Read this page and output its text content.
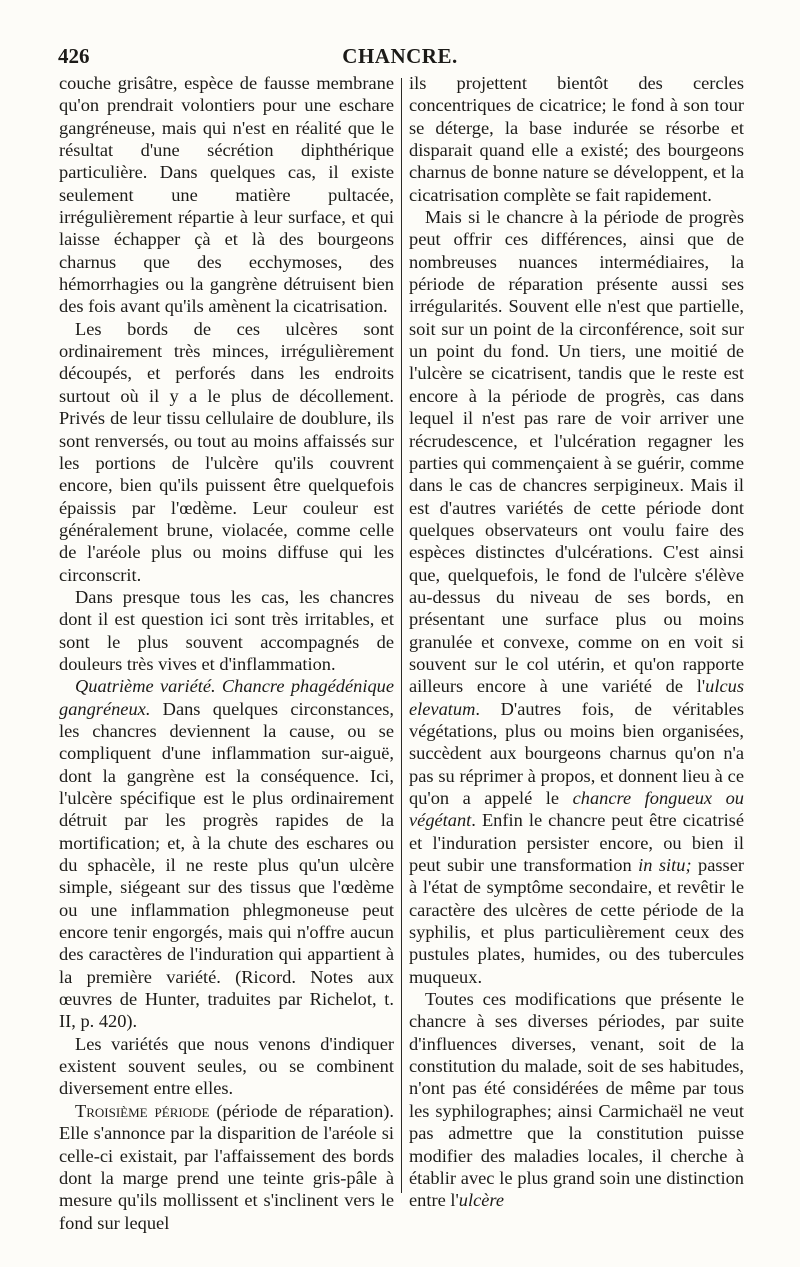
426	CHANCRE.

couche grisâtre, espèce de fausse membrane qu'on prendrait volontiers pour une eschare gangréneuse, mais qui n'est en réalité que le résultat d'une sécrétion diphthérique particulière. Dans quelques cas, il existe seulement une matière pultacée, irrégulièrement répartie à leur surface, et qui laisse échapper çà et là des bourgeons charnus que des ecchymoses, des hémorrhagies ou la gangrène détruisent bien des fois avant qu'ils amènent la cicatrisation.

Les bords de ces ulcères sont ordinairement très minces, irrégulièrement découpés, et perforés dans les endroits surtout où il y a le plus de décollement. Privés de leur tissu cellulaire de doublure, ils sont renversés, ou tout au moins affaissés sur les portions de l'ulcère qu'ils couvrent encore, bien qu'ils puissent être quelquefois épaissis par l'œdème. Leur couleur est généralement brune, violacée, comme celle de l'aréole plus ou moins diffuse qui les circonscrit.

Dans presque tous les cas, les chancres dont il est question ici sont très irritables, et sont le plus souvent accompagnés de douleurs très vives et d'inflammation.

Quatrième variété. Chancre phagédénique gangréneux. Dans quelques circonstances, les chancres deviennent la cause, ou se compliquent d'une inflammation sur-aiguë, dont la gangrène est la conséquence. Ici, l'ulcère spécifique est le plus ordinairement détruit par les progrès rapides de la mortification; et, à la chute des eschares ou du sphacèle, il ne reste plus qu'un ulcère simple, siégeant sur des tissus que l'œdème ou une inflammation phlegmoneuse peut encore tenir engorgés, mais qui n'offre aucun des caractères de l'induration qui appartient à la première variété. (Ricord. Notes aux œuvres de Hunter, traduites par Richelot, t. II, p. 420).

Les variétés que nous venons d'indiquer existent souvent seules, ou se combinent diversement entre elles.

Troisième période (période de réparation). Elle s'annonce par la disparition de l'aréole si celle-ci existait, par l'affaissement des bords dont la marge prend une teinte gris-pâle à mesure qu'ils mollissent et s'inclinent vers le fond sur lequel

ils projettent bientôt des cercles concentriques de cicatrice; le fond à son tour se déterge, la base indurée se résorbe et disparait quand elle a existé; des bourgeons charnus de bonne nature se développent, et la cicatrisation complète se fait rapidement.

Mais si le chancre à la période de progrès peut offrir ces différences, ainsi que de nombreuses nuances intermédiaires, la période de réparation présente aussi ses irrégularités. Souvent elle n'est que partielle, soit sur un point de la circonférence, soit sur un point du fond. Un tiers, une moitié de l'ulcère se cicatrisent, tandis que le reste est encore à la période de progrès, cas dans lequel il n'est pas rare de voir arriver une récrudescence, et l'ulcération regagner les parties qui commençaient à se guérir, comme dans le cas de chancres serpigineux. Mais il est d'autres variétés de cette période dont quelques observateurs ont voulu faire des espèces distinctes d'ulcérations. C'est ainsi que, quelquefois, le fond de l'ulcère s'élève au-dessus du niveau de ses bords, en présentant une surface plus ou moins granulée et convexe, comme on en voit si souvent sur le col utérin, et qu'on rapporte ailleurs encore à une variété de l'ulcus elevatum. D'autres fois, de véritables végétations, plus ou moins bien organisées, succèdent aux bourgeons charnus qu'on n'a pas su réprimer à propos, et donnent lieu à ce qu'on a appelé le chancre fongueux ou végétant. Enfin le chancre peut être cicatrisé et l'induration persister encore, ou bien il peut subir une transformation in situ; passer à l'état de symptôme secondaire, et revêtir le caractère des ulcères de cette période de la syphilis, et plus particulièrement ceux des pustules plates, humides, ou des tubercules muqueux.

Toutes ces modifications que présente le chancre à ses diverses périodes, par suite d'influences diverses, venant, soit de la constitution du malade, soit de ses habitudes, n'ont pas été considérées de même par tous les syphilographes; ainsi Carmichaël ne veut pas admettre que la constitution puisse modifier des maladies locales, il cherche à établir avec le plus grand soin une distinction entre l'ulcère
